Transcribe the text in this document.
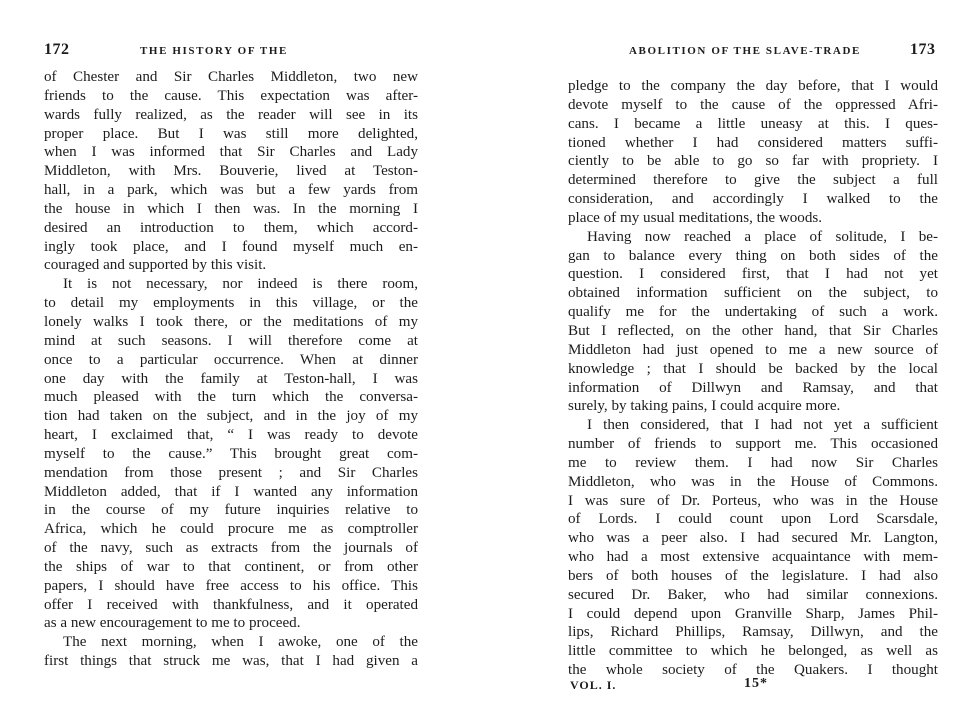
172	THE HISTORY OF THE
of Chester and Sir Charles Middleton, two new
friends to the cause. This expectation was after-
wards fully realized, as the reader will see in its
proper place. But I was still more delighted,
when I was informed that Sir Charles and Lady
Middleton, with Mrs. Bouverie, lived at Teston-
hall, in a park, which was but a few yards from
the house in which I then was. In the morning I
desired an introduction to them, which accord-
ingly took place, and I found myself much en-
couraged and supported by this visit.
It is not necessary, nor indeed is there room,
to detail my employments in this village, or the
lonely walks I took there, or the meditations of my
mind at such seasons. I will therefore come at
once to a particular occurrence. When at dinner
one day with the family at Teston-hall, I was
much pleased with the turn which the conversa-
tion had taken on the subject, and in the joy of my
heart, I exclaimed that, “ I was ready to devote
myself to the cause.” This brought great com-
mendation from those present ; and Sir Charles
Middleton added, that if I wanted any information
in the course of my future inquiries relative to
Africa, which he could procure me as comptroller
of the navy, such as extracts from the journals of
the ships of war to that continent, or from other
papers, I should have free access to his office. This
offer I received with thankfulness, and it operated
as a new encouragement to me to proceed.
The next morning, when I awoke, one of the
first things that struck me was, that I had given a
ABOLITION OF THE SLAVE-TRADE	173
pledge to the company the day before, that I would
devote myself to the cause of the oppressed Afri-
cans. I became a little uneasy at this. I ques-
tioned whether I had considered matters suffi-
ciently to be able to go so far with propriety. I
determined therefore to give the subject a full
consideration, and accordingly I walked to the
place of my usual meditations, the woods.
Having now reached a place of solitude, I be-
gan to balance every thing on both sides of the
question. I considered first, that I had not yet
obtained information sufficient on the subject, to
qualify me for the undertaking of such a work.
But I reflected, on the other hand, that Sir Charles
Middleton had just opened to me a new source of
knowledge ; that I should be backed by the local
information of Dillwyn and Ramsay, and that
surely, by taking pains, I could acquire more.
I then considered, that I had not yet a sufficient
number of friends to support me. This occasioned
me to review them. I had now Sir Charles
Middleton, who was in the House of Commons.
I was sure of Dr. Porteus, who was in the House
of Lords. I could count upon Lord Scarsdale,
who was a peer also. I had secured Mr. Langton,
who had a most extensive acquaintance with mem-
bers of both houses of the legislature. I had also
secured Dr. Baker, who had similar connexions.
I could depend upon Granville Sharp, James Phil-
lips, Richard Phillips, Ramsay, Dillwyn, and the
little committee to which he belonged, as well as
the whole society of the Quakers. I thought
VOL. I.	15*
